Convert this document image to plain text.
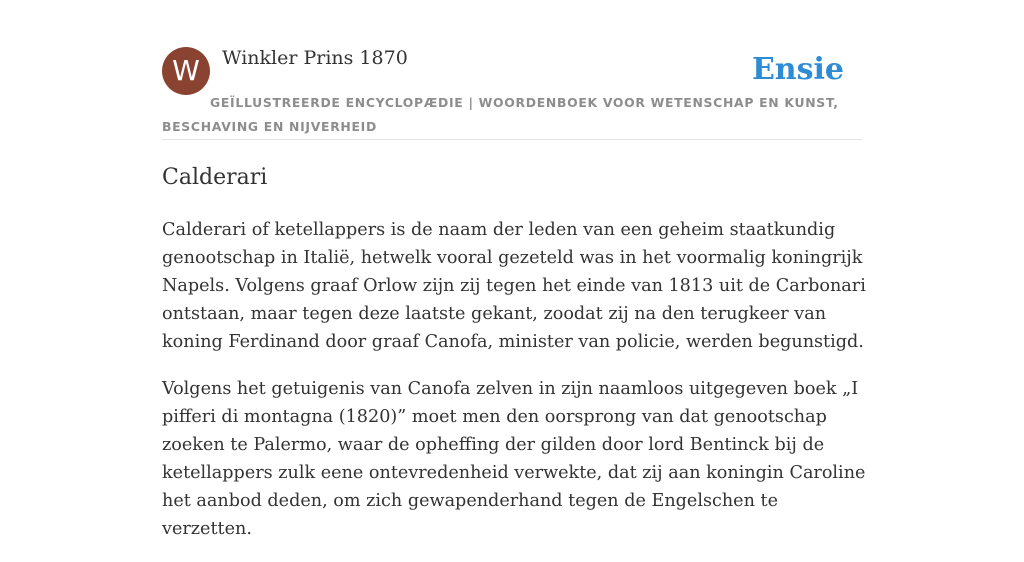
W	Winkler Prins 1870
GEÏLLUSTREERDE ENCYCLOPÆDIE | WOORDENBOEK VOOR WETENSCHAP EN KUNST, BESCHAVING EN NIJVERHEID
Ensie
Calderari

Calderari of ketellappers is de naam der leden van een geheim staatkundig genootschap in Italië, hetwelk vooral gezeteld was in het voormalig koningrijk Napels. Volgens graaf Orlow zijn zij tegen het einde van 1813 uit de Carbonari ontstaan, maar tegen deze laatste gekant, zoodat zij na den terugkeer van koning Ferdinand door graaf Canofa, minister van policie, werden begunstigd.

Volgens het getuigenis van Canofa zelven in zijn naamloos uitgegeven boek „I pifferi di montagna (1820)” moet men den oorsprong van dat genootschap zoeken te Palermo, waar de opheffing der gilden door lord Bentinck bij de ketellappers zulk eene ontevredenheid verwekte, dat zij aan koningin Caroline het aanbod deden, om zich gewapenderhand tegen de Engelschen te verzetten.
